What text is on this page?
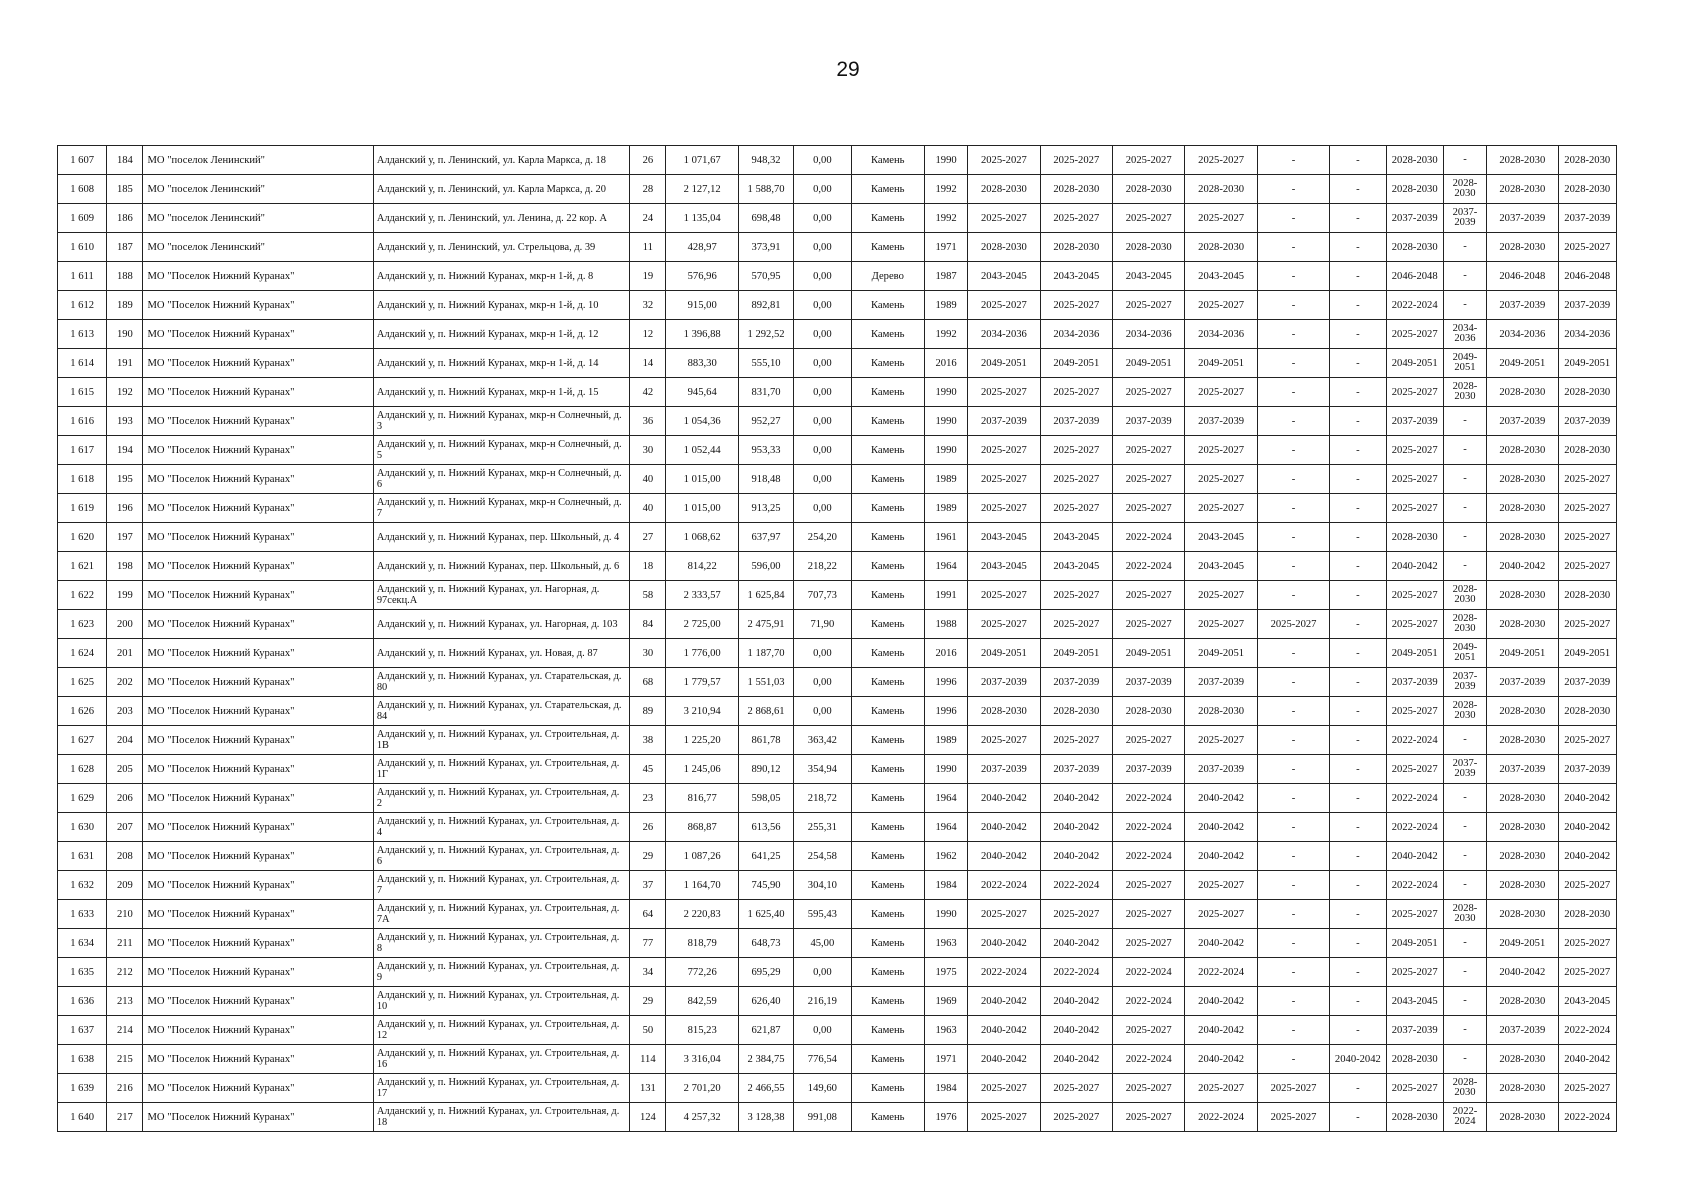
29
1 607	184	МО "поселок Ленинский"	Алданский у, п. Ленинский, ул. Карла Маркса, д. 18	26	1 071,67	948,32	0,00	Камень	1990	2025-2027	2025-2027	2025-2027	2025-2027	-	-	2028-2030	-	2028-2030	2028-2030
1 608	185	МО "поселок Ленинский"	Алданский у, п. Ленинский, ул. Карла Маркса, д. 20	28	2 127,12	1 588,70	0,00	Камень	1992	2028-2030	2028-2030	2028-2030	2028-2030	-	-	2028-2030	2028-2030	2028-2030	2028-2030
1 609	186	МО "поселок Ленинский"	Алданский у, п. Ленинский, ул. Ленина, д. 22 кор. А	24	1 135,04	698,48	0,00	Камень	1992	2025-2027	2025-2027	2025-2027	2025-2027	-	-	2037-2039	2037-2039	2037-2039	2037-2039
1 610	187	МО "поселок Ленинский"	Алданский у, п. Ленинский, ул. Стрельцова, д. 39	11	428,97	373,91	0,00	Камень	1971	2028-2030	2028-2030	2028-2030	2028-2030	-	-	2028-2030	-	2028-2030	2025-2027
1 611	188	МО "Поселок Нижний Куранах"	Алданский у, п. Нижний Куранах, мкр-н 1-й, д. 8	19	576,96	570,95	0,00	Дерево	1987	2043-2045	2043-2045	2043-2045	2043-2045	-	-	2046-2048	-	2046-2048	2046-2048
1 612	189	МО "Поселок Нижний Куранах"	Алданский у, п. Нижний Куранах, мкр-н 1-й, д. 10	32	915,00	892,81	0,00	Камень	1989	2025-2027	2025-2027	2025-2027	2025-2027	-	-	2022-2024	-	2037-2039	2037-2039
1 613	190	МО "Поселок Нижний Куранах"	Алданский у, п. Нижний Куранах, мкр-н 1-й, д. 12	12	1 396,88	1 292,52	0,00	Камень	1992	2034-2036	2034-2036	2034-2036	2034-2036	-	-	2025-2027	2034-2036	2034-2036	2034-2036
1 614	191	МО "Поселок Нижний Куранах"	Алданский у, п. Нижний Куранах, мкр-н 1-й, д. 14	14	883,30	555,10	0,00	Камень	2016	2049-2051	2049-2051	2049-2051	2049-2051	-	-	2049-2051	2049-2051	2049-2051	2049-2051
1 615	192	МО "Поселок Нижний Куранах"	Алданский у, п. Нижний Куранах, мкр-н 1-й, д. 15	42	945,64	831,70	0,00	Камень	1990	2025-2027	2025-2027	2025-2027	2025-2027	-	-	2025-2027	2028-2030	2028-2030	2028-2030
1 616	193	МО "Поселок Нижний Куранах"	Алданский у, п. Нижний Куранах, мкр-н Солнечный, д. 3	36	1 054,36	952,27	0,00	Камень	1990	2037-2039	2037-2039	2037-2039	2037-2039	-	-	2037-2039	-	2037-2039	2037-2039
1 617	194	МО "Поселок Нижний Куранах"	Алданский у, п. Нижний Куранах, мкр-н Солнечный, д. 5	30	1 052,44	953,33	0,00	Камень	1990	2025-2027	2025-2027	2025-2027	2025-2027	-	-	2025-2027	-	2028-2030	2028-2030
1 618	195	МО "Поселок Нижний Куранах"	Алданский у, п. Нижний Куранах, мкр-н Солнечный, д. 6	40	1 015,00	918,48	0,00	Камень	1989	2025-2027	2025-2027	2025-2027	2025-2027	-	-	2025-2027	-	2028-2030	2025-2027
1 619	196	МО "Поселок Нижний Куранах"	Алданский у, п. Нижний Куранах, мкр-н Солнечный, д. 7	40	1 015,00	913,25	0,00	Камень	1989	2025-2027	2025-2027	2025-2027	2025-2027	-	-	2025-2027	-	2028-2030	2025-2027
1 620	197	МО "Поселок Нижний Куранах"	Алданский у, п. Нижний Куранах, пер. Школьный, д. 4	27	1 068,62	637,97	254,20	Камень	1961	2043-2045	2043-2045	2022-2024	2043-2045	-	-	2028-2030	-	2028-2030	2025-2027
1 621	198	МО "Поселок Нижний Куранах"	Алданский у, п. Нижний Куранах, пер. Школьный, д. 6	18	814,22	596,00	218,22	Камень	1964	2043-2045	2043-2045	2022-2024	2043-2045	-	-	2040-2042	-	2040-2042	2025-2027
1 622	199	МО "Поселок Нижний Куранах"	Алданский у, п. Нижний Куранах, ул. Нагорная, д. 97секц.А	58	2 333,57	1 625,84	707,73	Камень	1991	2025-2027	2025-2027	2025-2027	2025-2027	-	-	2025-2027	2028-2030	2028-2030	2028-2030
1 623	200	МО "Поселок Нижний Куранах"	Алданский у, п. Нижний Куранах, ул. Нагорная, д. 103	84	2 725,00	2 475,91	71,90	Камень	1988	2025-2027	2025-2027	2025-2027	2025-2027	2025-2027	-	2025-2027	2028-2030	2028-2030	2025-2027
1 624	201	МО "Поселок Нижний Куранах"	Алданский у, п. Нижний Куранах, ул. Новая, д. 87	30	1 776,00	1 187,70	0,00	Камень	2016	2049-2051	2049-2051	2049-2051	2049-2051	-	-	2049-2051	2049-2051	2049-2051	2049-2051
1 625	202	МО "Поселок Нижний Куранах"	Алданский у, п. Нижний Куранах, ул. Старательская, д. 80	68	1 779,57	1 551,03	0,00	Камень	1996	2037-2039	2037-2039	2037-2039	2037-2039	-	-	2037-2039	2037-2039	2037-2039	2037-2039
1 626	203	МО "Поселок Нижний Куранах"	Алданский у, п. Нижний Куранах, ул. Старательская, д. 84	89	3 210,94	2 868,61	0,00	Камень	1996	2028-2030	2028-2030	2028-2030	2028-2030	-	-	2025-2027	2028-2030	2028-2030	2028-2030
1 627	204	МО "Поселок Нижний Куранах"	Алданский у, п. Нижний Куранах, ул. Строительная, д. 1В	38	1 225,20	861,78	363,42	Камень	1989	2025-2027	2025-2027	2025-2027	2025-2027	-	-	2022-2024	-	2028-2030	2025-2027
1 628	205	МО "Поселок Нижний Куранах"	Алданский у, п. Нижний Куранах, ул. Строительная, д. 1Г	45	1 245,06	890,12	354,94	Камень	1990	2037-2039	2037-2039	2037-2039	2037-2039	-	-	2025-2027	2037-2039	2037-2039	2037-2039
1 629	206	МО "Поселок Нижний Куранах"	Алданский у, п. Нижний Куранах, ул. Строительная, д. 2	23	816,77	598,05	218,72	Камень	1964	2040-2042	2040-2042	2022-2024	2040-2042	-	-	2022-2024	-	2028-2030	2040-2042
1 630	207	МО "Поселок Нижний Куранах"	Алданский у, п. Нижний Куранах, ул. Строительная, д. 4	26	868,87	613,56	255,31	Камень	1964	2040-2042	2040-2042	2022-2024	2040-2042	-	-	2022-2024	-	2028-2030	2040-2042
1 631	208	МО "Поселок Нижний Куранах"	Алданский у, п. Нижний Куранах, ул. Строительная, д. 6	29	1 087,26	641,25	254,58	Камень	1962	2040-2042	2040-2042	2022-2024	2040-2042	-	-	2040-2042	-	2028-2030	2040-2042
1 632	209	МО "Поселок Нижний Куранах"	Алданский у, п. Нижний Куранах, ул. Строительная, д. 7	37	1 164,70	745,90	304,10	Камень	1984	2022-2024	2022-2024	2025-2027	2025-2027	-	-	2022-2024	-	2028-2030	2025-2027
1 633	210	МО "Поселок Нижний Куранах"	Алданский у, п. Нижний Куранах, ул. Строительная, д. 7А	64	2 220,83	1 625,40	595,43	Камень	1990	2025-2027	2025-2027	2025-2027	2025-2027	-	-	2025-2027	2028-2030	2028-2030	2028-2030
1 634	211	МО "Поселок Нижний Куранах"	Алданский у, п. Нижний Куранах, ул. Строительная, д. 8	77	818,79	648,73	45,00	Камень	1963	2040-2042	2040-2042	2025-2027	2040-2042	-	-	2049-2051	-	2049-2051	2025-2027
1 635	212	МО "Поселок Нижний Куранах"	Алданский у, п. Нижний Куранах, ул. Строительная, д. 9	34	772,26	695,29	0,00	Камень	1975	2022-2024	2022-2024	2022-2024	2022-2024	-	-	2025-2027	-	2040-2042	2025-2027
1 636	213	МО "Поселок Нижний Куранах"	Алданский у, п. Нижний Куранах, ул. Строительная, д. 10	29	842,59	626,40	216,19	Камень	1969	2040-2042	2040-2042	2022-2024	2040-2042	-	-	2043-2045	-	2028-2030	2043-2045
1 637	214	МО "Поселок Нижний Куранах"	Алданский у, п. Нижний Куранах, ул. Строительная, д. 12	50	815,23	621,87	0,00	Камень	1963	2040-2042	2040-2042	2025-2027	2040-2042	-	-	2037-2039	-	2037-2039	2022-2024
1 638	215	МО "Поселок Нижний Куранах"	Алданский у, п. Нижний Куранах, ул. Строительная, д. 16	114	3 316,04	2 384,75	776,54	Камень	1971	2040-2042	2040-2042	2022-2024	2040-2042	-	2040-2042	2028-2030	-	2028-2030	2040-2042
1 639	216	МО "Поселок Нижний Куранах"	Алданский у, п. Нижний Куранах, ул. Строительная, д. 17	131	2 701,20	2 466,55	149,60	Камень	1984	2025-2027	2025-2027	2025-2027	2025-2027	2025-2027	-	2025-2027	2028-2030	2028-2030	2025-2027
1 640	217	МО "Поселок Нижний Куранах"	Алданский у, п. Нижний Куранах, ул. Строительная, д. 18	124	4 257,32	3 128,38	991,08	Камень	1976	2025-2027	2025-2027	2025-2027	2022-2024	2025-2027	-	2028-2030	2022-2024	2028-2030	2022-2024
